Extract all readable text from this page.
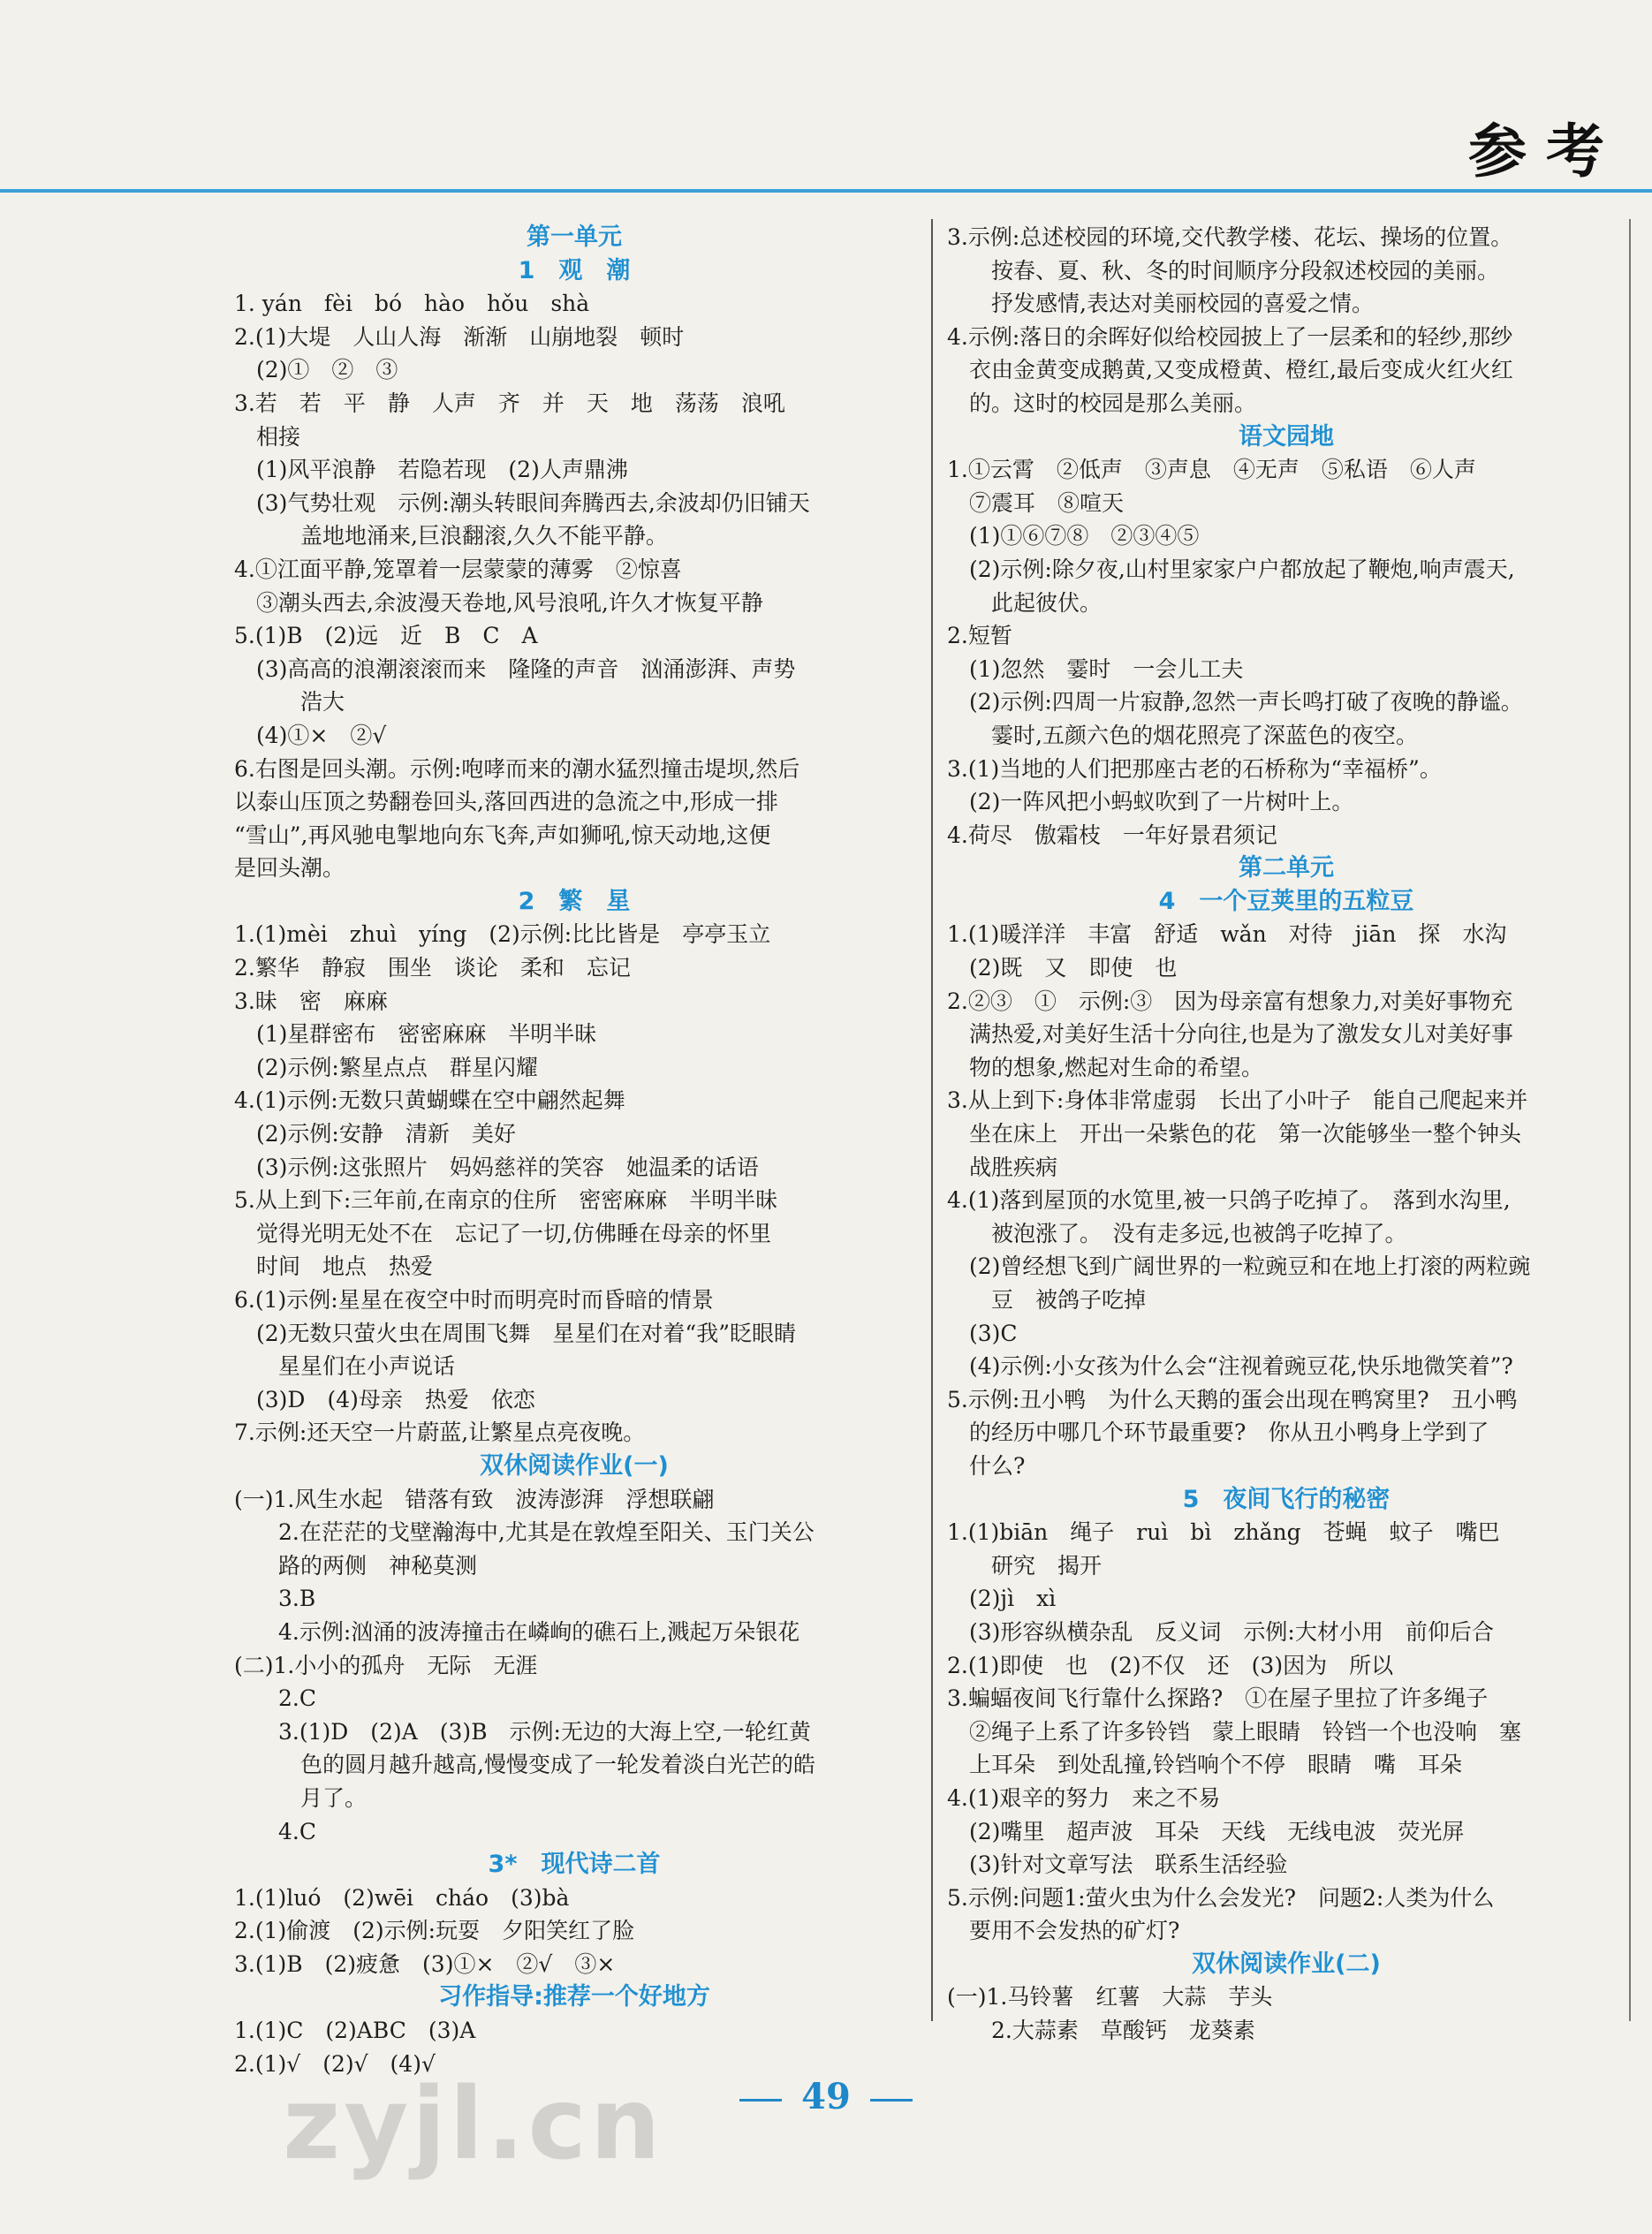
参考
第一单元
1　观　潮
1. yán　fèi　bó　hào　hǒu　shà
2.(1)大堤　人山人海　渐渐　山崩地裂　顿时
　(2)①　②　③
3.若　若　平　静　人声　齐　并　天　地　荡荡　浪吼
　相接
　(1)风平浪静　若隐若现　(2)人声鼎沸
　(3)气势壮观　示例:潮头转眼间奔腾西去,余波却仍旧铺天
　　　盖地地涌来,巨浪翻滚,久久不能平静。
4.①江面平静,笼罩着一层蒙蒙的薄雾　②惊喜
　③潮头西去,余波漫天卷地,风号浪吼,许久才恢复平静
5.(1)B　(2)远　近　B　C　A
　(3)高高的浪潮滚滚而来　隆隆的声音　汹涌澎湃、声势
　　　浩大
　(4)①×　②√
6.右图是回头潮。示例:咆哮而来的潮水猛烈撞击堤坝,然后
以泰山压顶之势翻卷回头,落回西进的急流之中,形成一排
“雪山”,再风驰电掣地向东飞奔,声如狮吼,惊天动地,这便
是回头潮。
2　繁　星
1.(1)mèi　zhuì　yíng　(2)示例:比比皆是　亭亭玉立
2.繁华　静寂　围坐　谈论　柔和　忘记
3.昧　密　麻麻
　(1)星群密布　密密麻麻　半明半昧
　(2)示例:繁星点点　群星闪耀
4.(1)示例:无数只黄蝴蝶在空中翩然起舞
　(2)示例:安静　清新　美好
　(3)示例:这张照片　妈妈慈祥的笑容　她温柔的话语
5.从上到下:三年前,在南京的住所　密密麻麻　半明半昧
　觉得光明无处不在　忘记了一切,仿佛睡在母亲的怀里
　时间　地点　热爱
6.(1)示例:星星在夜空中时而明亮时而昏暗的情景
　(2)无数只萤火虫在周围飞舞　星星们在对着“我”眨眼睛
　　星星们在小声说话
　(3)D　(4)母亲　热爱　依恋
7.示例:还天空一片蔚蓝,让繁星点亮夜晚。
双休阅读作业(一)
(一)1.风生水起　错落有致　波涛澎湃　浮想联翩
　　2.在茫茫的戈壁瀚海中,尤其是在敦煌至阳关、玉门关公
　　路的两侧　神秘莫测
　　3.B
　　4.示例:汹涌的波涛撞击在嶙峋的礁石上,溅起万朵银花
(二)1.小小的孤舟　无际　无涯
　　2.C
　　3.(1)D　(2)A　(3)B　示例:无边的大海上空,一轮红黄
　　　色的圆月越升越高,慢慢变成了一轮发着淡白光芒的皓
　　　月了。
　　4.C
3*　现代诗二首
1.(1)luó　(2)wēi　cháo　(3)bà
2.(1)偷渡　(2)示例:玩耍　夕阳笑红了脸
3.(1)B　(2)疲惫　(3)①×　②√　③×
习作指导:推荐一个好地方
1.(1)C　(2)ABC　(3)A
2.(1)√　(2)√　(4)√
3.示例:总述校园的环境,交代教学楼、花坛、操场的位置。
　　按春、夏、秋、冬的时间顺序分段叙述校园的美丽。
　　抒发感情,表达对美丽校园的喜爱之情。
4.示例:落日的余晖好似给校园披上了一层柔和的轻纱,那纱
　衣由金黄变成鹅黄,又变成橙黄、橙红,最后变成火红火红
　的。这时的校园是那么美丽。
语文园地
1.①云霄　②低声　③声息　④无声　⑤私语　⑥人声
　⑦震耳　⑧喧天
　(1)①⑥⑦⑧　②③④⑤
　(2)示例:除夕夜,山村里家家户户都放起了鞭炮,响声震天,
　　此起彼伏。
2.短暂
　(1)忽然　霎时　一会儿工夫
　(2)示例:四周一片寂静,忽然一声长鸣打破了夜晚的静谧。
　　霎时,五颜六色的烟花照亮了深蓝色的夜空。
3.(1)当地的人们把那座古老的石桥称为“幸福桥”。
　(2)一阵风把小蚂蚁吹到了一片树叶上。
4.荷尽　傲霜枝　一年好景君须记
第二单元
4　一个豆荚里的五粒豆
1.(1)暖洋洋　丰富　舒适　wǎn　对待　jiān　探　水沟
　(2)既　又　即使　也
2.②③　①　示例:③　因为母亲富有想象力,对美好事物充
　满热爱,对美好生活十分向往,也是为了激发女儿对美好事
　物的想象,燃起对生命的希望。
3.从上到下:身体非常虚弱　长出了小叶子　能自己爬起来并
　坐在床上　开出一朵紫色的花　第一次能够坐一整个钟头
　战胜疾病
4.(1)落到屋顶的水笕里,被一只鸽子吃掉了。　落到水沟里,
　　被泡涨了。　没有走多远,也被鸽子吃掉了。
　(2)曾经想飞到广阔世界的一粒豌豆和在地上打滚的两粒豌
　　豆　被鸽子吃掉
　(3)C
　(4)示例:小女孩为什么会“注视着豌豆花,快乐地微笑着”?
5.示例:丑小鸭　为什么天鹅的蛋会出现在鸭窝里?　丑小鸭
　的经历中哪几个环节最重要?　你从丑小鸭身上学到了
　什么?
5　夜间飞行的秘密
1.(1)biān　绳子　ruì　bì　zhǎng　苍蝇　蚊子　嘴巴
　　研究　揭开
　(2)jì　xì
　(3)形容纵横杂乱　反义词　示例:大材小用　前仰后合
2.(1)即使　也　(2)不仅　还　(3)因为　所以
3.蝙蝠夜间飞行靠什么探路?　①在屋子里拉了许多绳子
　②绳子上系了许多铃铛　蒙上眼睛　铃铛一个也没响　塞
　上耳朵　到处乱撞,铃铛响个不停　眼睛　嘴　耳朵
4.(1)艰辛的努力　来之不易
　(2)嘴里　超声波　耳朵　天线　无线电波　荧光屏
　(3)针对文章写法　联系生活经验
5.示例:问题1:萤火虫为什么会发光?　问题2:人类为什么
　要用不会发热的矿灯?
双休阅读作业(二)
(一)1.马铃薯　红薯　大蒜　芋头
　　2.大蒜素　草酸钙　龙葵素
zyjl.cn	49
